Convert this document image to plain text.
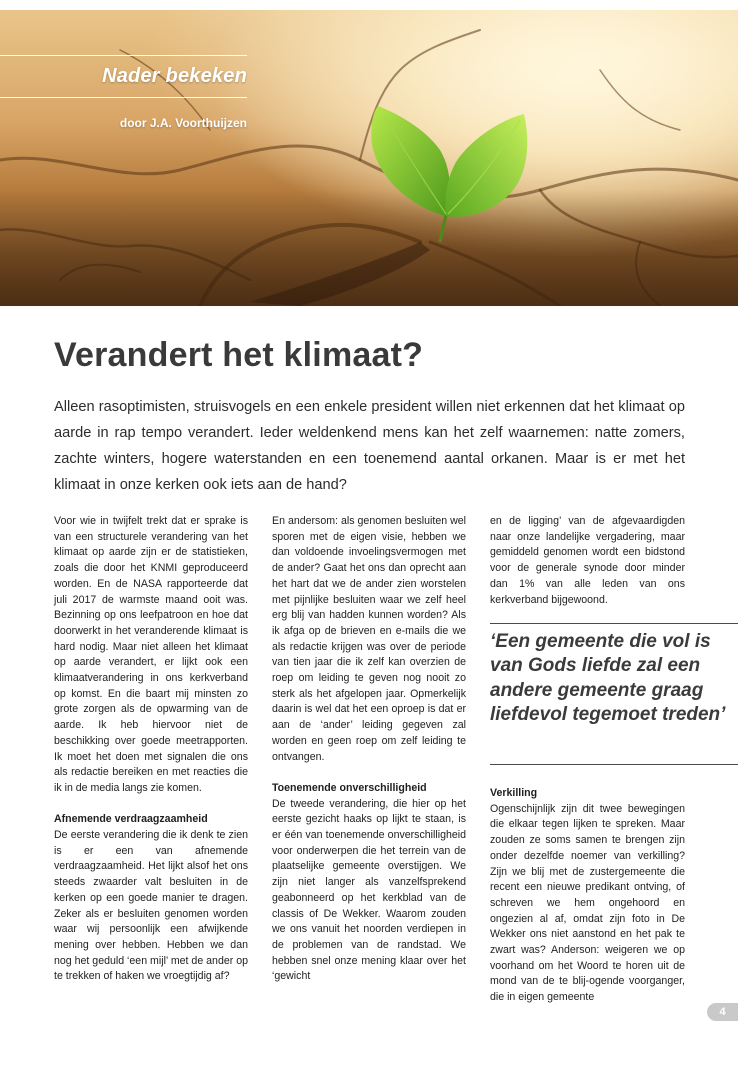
Nader bekeken
door J.A. Voorthuijzen
Verandert het klimaat?

Alleen rasoptimisten, struisvogels en een enkele president willen niet erkennen dat het klimaat op aarde in rap tempo verandert. Ieder weldenkend mens kan het zelf waarnemen: natte zomers, zachte winters, hogere waterstanden en een toenemend aantal orkanen. Maar is er met het klimaat in onze kerken ook iets aan de hand?

Voor wie in twijfelt trekt dat er sprake is van een structurele verandering van het klimaat op aarde zijn er de statistieken, zoals die door het KNMI geproduceerd worden. En de NASA rapporteerde dat juli 2017 de warmste maand ooit was. Bezinning op ons leefpatroon en hoe dat doorwerkt in het veranderende klimaat is hard nodig. Maar niet alleen het klimaat op aarde verandert, er lijkt ook een klimaatverandering in ons kerkverband op komst. En die baart mij minsten zo grote zorgen als de opwarming van de aarde. Ik heb hiervoor niet de beschikking over goede meetrapporten. Ik moet het doen met signalen die ons als redactie bereiken en met reacties die ik in de media langs zie komen.

Afnemende verdraagzaamheid

De eerste verandering die ik denk te zien is er een van afnemende verdraagzaamheid. Het lijkt alsof het ons steeds zwaarder valt besluiten in de kerken op een goede manier te dragen. Zeker als er besluiten genomen worden waar wij persoonlijk een afwijkende mening over hebben. Hebben we dan nog het geduld ‘een mijl’ met de ander op te trekken of haken we vroegtijdig af?

En andersom: als genomen besluiten wel sporen met de eigen visie, hebben we dan voldoende invoelingsvermogen met de ander? Gaat het ons dan oprecht aan het hart dat we de ander zien worstelen met pijnlijke besluiten waar we zelf heel erg blij van hadden kunnen worden? Als ik afga op de brieven en e-mails die we als redactie krijgen was over de periode van tien jaar die ik zelf kan overzien de roep om leiding te geven nog nooit zo sterk als het afgelopen jaar. Opmerkelijk daarin is wel dat het een oproep is dat er aan de ‘ander’ leiding gegeven zal worden en geen roep om zelf leiding te ontvangen.

Toenemende onverschilligheid

De tweede verandering, die hier op het eerste gezicht haaks op lijkt te staan, is er één van toenemende onverschilligheid voor onderwerpen die het terrein van de plaatselijke gemeente overstijgen. We zijn niet langer als vanzelfsprekend geabonneerd op het kerkblad van de classis of De Wekker. Waarom zouden we ons vanuit het noorden verdiepen in de problemen van de randstad. We hebben snel onze mening klaar over het ‘gewicht

en de ligging’ van de afgevaardigden naar onze landelijke vergadering, maar gemiddeld genomen wordt een bidstond voor de generale synode door minder dan 1% van alle leden van ons kerkverband bijgewoond.

‘Een gemeente die vol is van Gods liefde zal een andere gemeente graag liefdevol tegemoet treden’

Verkilling

Ogenschijnlijk zijn dit twee bewegingen die elkaar tegen lijken te spreken. Maar zouden ze soms samen te brengen zijn onder dezelfde noemer van verkilling? Zijn we blij met de zustergemeente die recent een nieuwe predikant ontving, of schreven we hem ongehoord en ongezien al af, omdat zijn foto in De Wekker ons niet aanstond en het pak te zwart was? Anderson: weigeren we op voorhand om het Woord te horen uit de mond van de te blij-ogende voorganger, die in eigen gemeente

4
